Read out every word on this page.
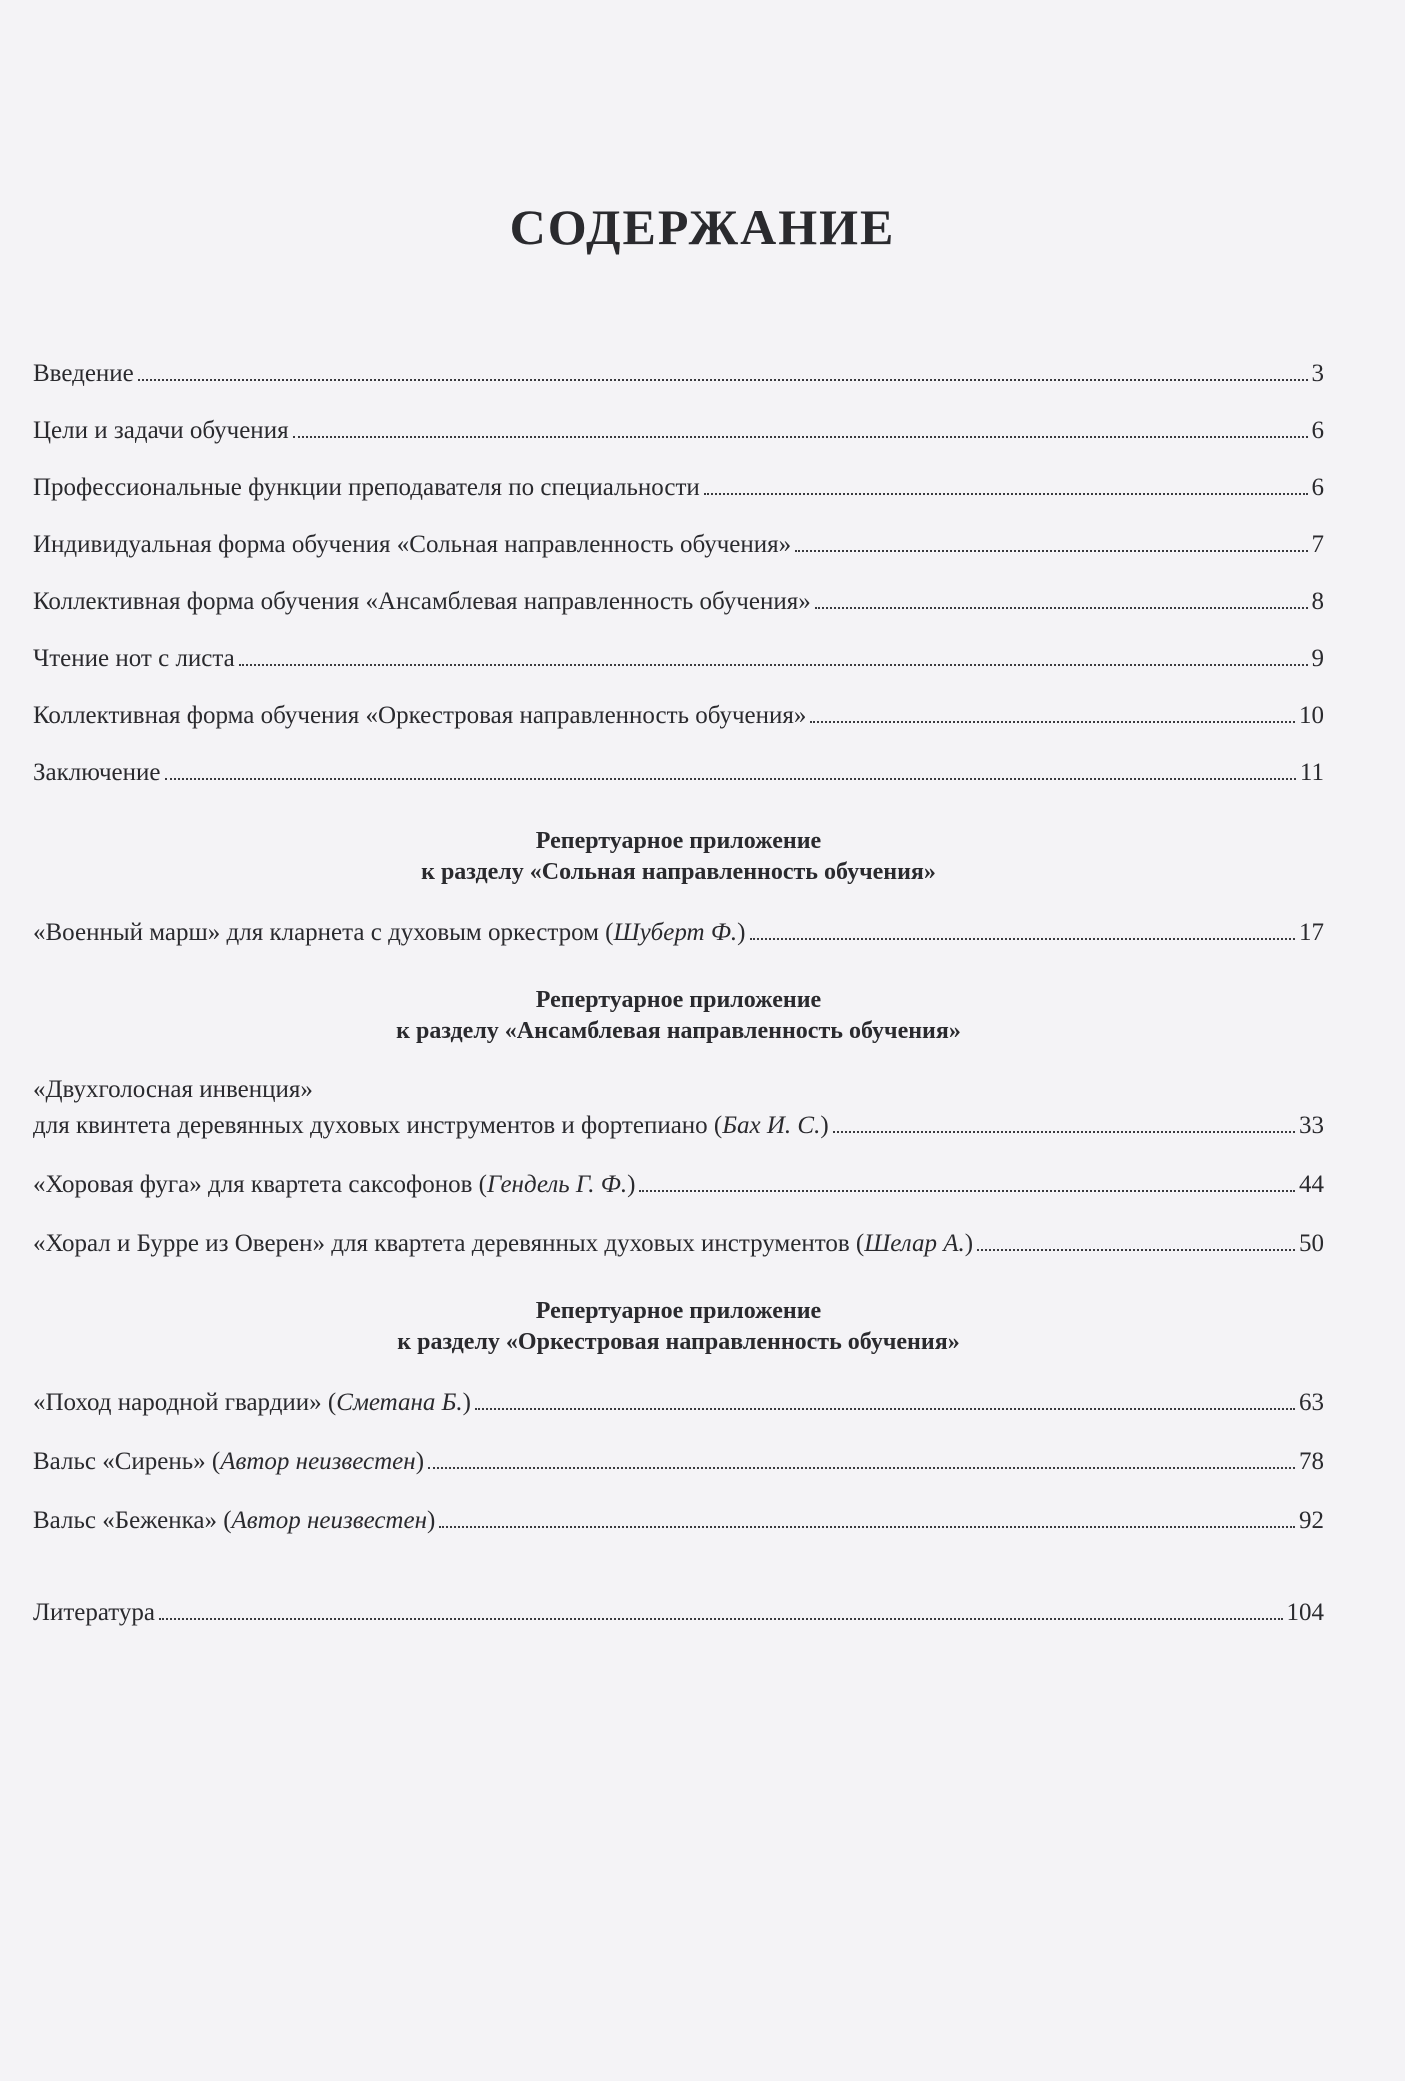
СОДЕРЖАНИЕ
Введение	3
Цели и задачи обучения	6
Профессиональные функции преподавателя по специальности	6
Индивидуальная форма обучения «Сольная направленность обучения»	7
Коллективная форма обучения «Ансамблевая направленность обучения»	8
Чтение нот с листа	9
Коллективная форма обучения «Оркестровая направленность обучения»	10
Заключение	11
Репертуарное приложение
к разделу «Сольная направленность обучения»
«Военный марш» для кларнета с духовым оркестром (Шуберт Ф.)	17
Репертуарное приложение
к разделу «Ансамблевая направленность обучения»
«Двухголосная инвенция»
для квинтета деревянных духовых инструментов и фортепиано (Бах И. С.)	33
«Хоровая фуга» для квартета саксофонов (Гендель Г. Ф.)	44
«Хорал и Бурре из Оверен» для квартета деревянных духовых инструментов (Шелар А.)	50
Репертуарное приложение
к разделу «Оркестровая направленность обучения»
«Поход народной гвардии» (Сметана Б.)	63
Вальс «Сирень» (Автор неизвестен)	78
Вальс «Беженка» (Автор неизвестен)	92
Литература	104
